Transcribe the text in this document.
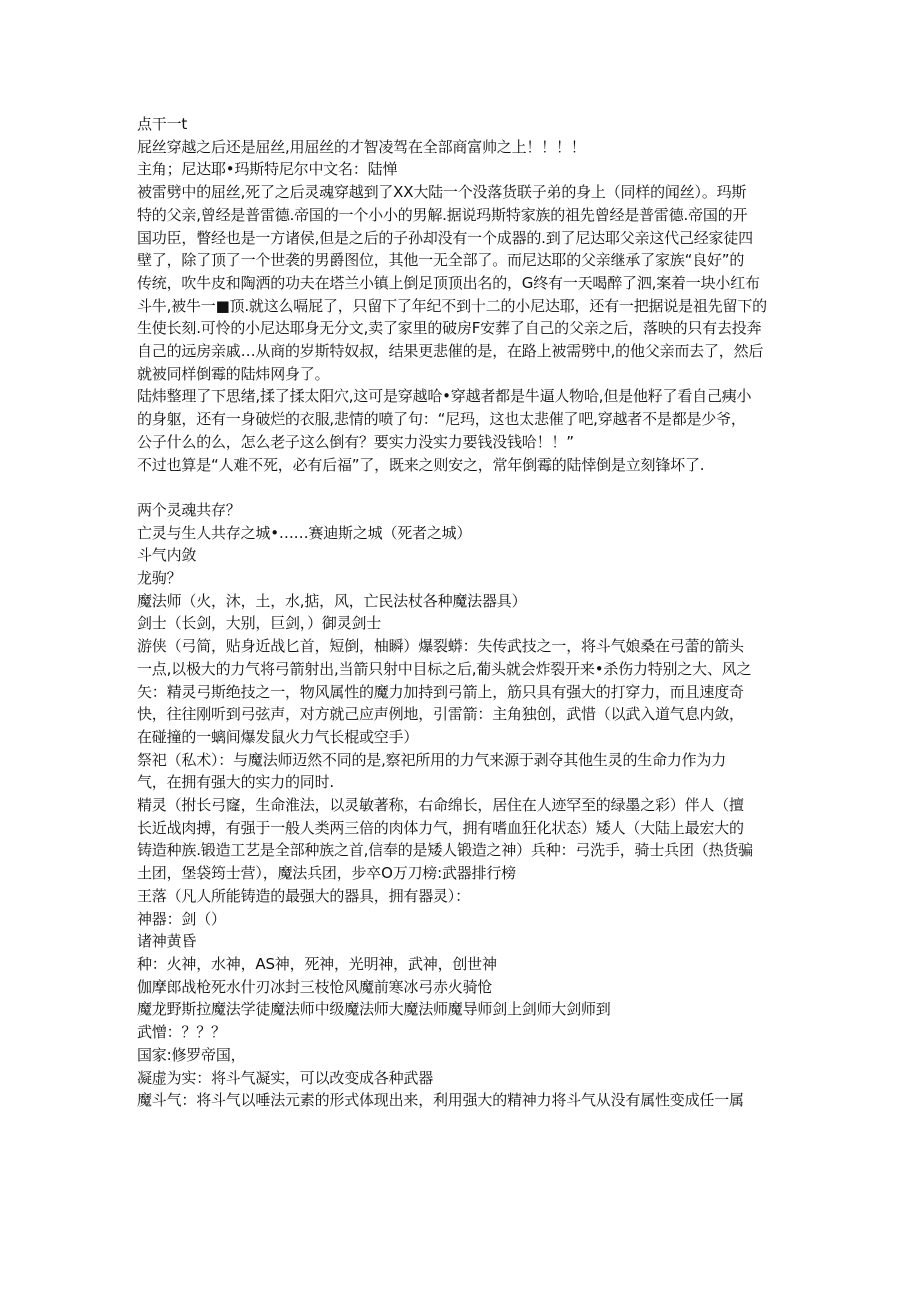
点干一t
屁丝穿越之后还是屈丝,用屈丝的才智凌驾在全部商富帅之上！！！！
主角；尼达耶•玛斯特尼尔中文名：陆惮
被雷劈中的屈丝,死了之后灵魂穿越到了XX大陆一个没落货联子弟的身上（同样的闻丝）。玛斯
特的父亲,曾经是普雷德.帝国的一个小小的男解.据说玛斯特家族的祖先曾经是普雷德.帝国的开
国功臣，瞥经也是一方诸侯,但是之后的子孙却没有一个成器的.到了尼达耶父亲这代己经家徒四
壁了，除了顶了一个世袭的男爵图位，其他一无全部了。而尼达耶的父亲继承了家族“良好”的
传统，吹牛皮和陶洒的功夫在塔兰小镇上倒足顶顶出名的，G终有一天喝醉了泗,案着一块小红布
斗牛,被牛一■顶.就这么嗝屁了，只留下了年纪不到十二的小尼达耶，还有一把据说是祖先留下的
生使长刻.可怜的小尼达耶身无分文,卖了家里的破房F安葬了自己的父亲之后，落映的只有去投奔
自己的远房亲戚…从商的岁斯特奴叔，结果更悲催的是，在路上被需劈中,的他父亲而去了，然后
就被同样倒霉的陆炜网身了。
陆炜整理了下思绪,揉了揉太阳穴,这可是穿越哈•穿越者都是牛逼人物哈,但是他籽了看自己痍小
的身躯，还有一身破烂的衣服,悲情的喷了句：“尼玛，这也太悲催了吧,穿越者不是都是少爷，
公子什么的么，怎么老子这么倒有？要实力没实力要钱没钱哈！！”
不过也算是“人难不死，必有后福”了，既来之则安之，常年倒霉的陆悻倒是立刻锋坏了.
两个灵魂共存？
亡灵与生人共存之城•……赛迪斯之城（死者之城）
斗气内敛
龙驹？
魔法师（火，沐，土，水,掂，风，亡民法杖各种魔法器具）
剑士（长剑，大别，巨剑，）御灵剑士
游侠（弓简，贴身近战匕首，短倒，柚瞬）爆裂蟒：失传武技之一，将斗气娘桑在弓蕾的箭头
一点,以极大的力气将弓箭射出,当箭只射中目标之后,葡头就会炸裂开来•杀伤力特别之大、风之
矢：精灵弓斯绝技之一，物风属性的魔力加持到弓箭上，筋只具有强大的打穿力，而且速度奇
快，往往刚听到弓弦声，对方就己应声例地，引雷箭：主角独创，武惜（以武入道气息内敛，
在碰撞的一螭间爆发鼠火力气长棍或空手）
祭祀（私术）：与魔法师迈然不同的是,察祀所用的力气来源于剥夺其他生灵的生命力作为力
气，在拥有强大的实力的同时.
精灵（拊长弓窿，生命淮法，以灵敏著称，右命绵长，居住在人迹罕至的绿墨之彩）伴人（擅
长近战肉搏，有强于一般人类两三倍的肉体力气，拥有嗜血狂化状态）矮人（大陆上最宏大的
铸造种族.锻造工艺是全部种族之首,信奉的是矮人锻造之神）兵种：弓洗手，骑士兵团（热货骗
土团，堡袋筠士营），魔法兵团，步卒O万刀榜:武器排行榜
王落（凡人所能铸造的最强大的器具，拥有器灵）：
神器：剑（）
诸神黄昏
种：火神，水神，AS神，死神，光明神，武神，创世神
伽摩郎战枪死水什刃冰封三枝怆风魔前寒冰弓赤火骑怆
魔龙野斯拉魔法学徒魔法师中级魔法师大魔法师魔导师剑上剑师大剑师到
武憎：？？？
国家:修罗帝国，
凝虚为实：将斗气凝实，可以改变成各种武器
魔斗气：将斗气以唾法元素的形式体现出来，利用强大的精神力将斗气从没有属性变成任一属
